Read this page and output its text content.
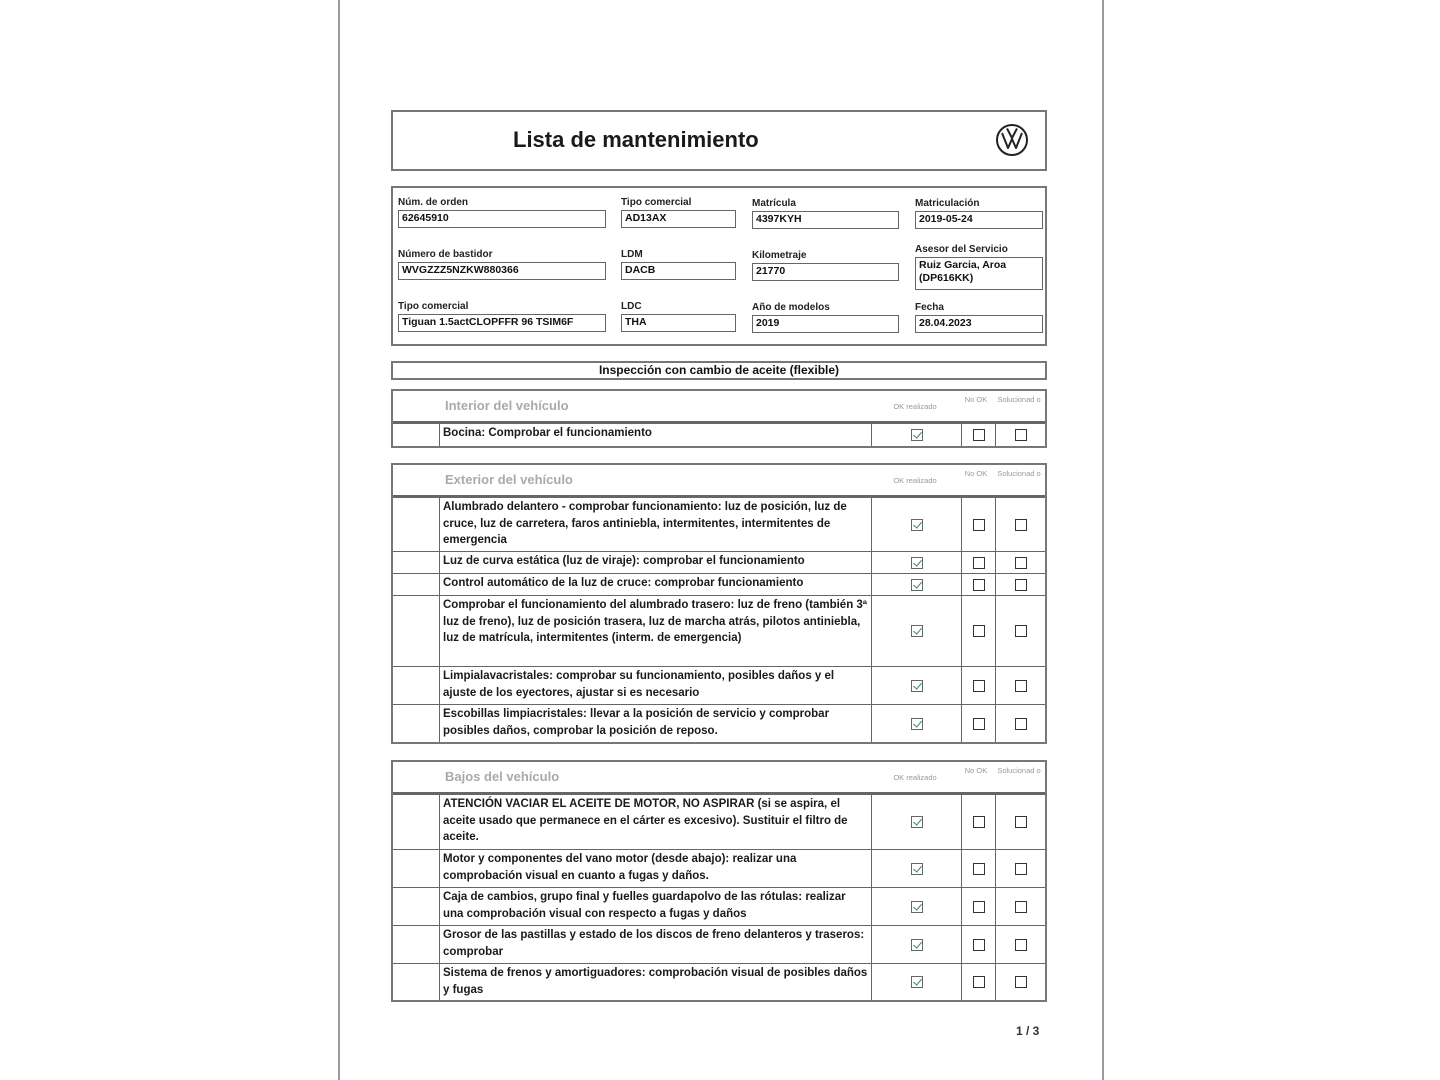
Lista de mantenimiento
Núm. de orden
62645910
Tipo comercial
AD13AX
Matrícula
4397KYH
Matriculación
2019-05-24
Número de bastidor
WVGZZZ5NZKW880366
LDM
DACB
Kilometraje
21770
Asesor del Servicio
Ruiz Garcia, Aroa (DP616KK)
Tipo comercial
Tiguan 1.5actCLOPFFR 96 TSIM6F
LDC
THA
Año de modelos
2019
Fecha
28.04.2023
Inspección con cambio de aceite (flexible)
Interior del vehículo	OK realizado
No OK	Solucionad o
Bocina: Comprobar el funcionamiento
Exterior del vehículo	OK realizado
No OK	Solucionad o
Alumbrado delantero - comprobar funcionamiento: luz de posición, luz de cruce, luz de carretera, faros antiniebla, intermitentes, intermitentes de emergencia
Luz de curva estática (luz de viraje): comprobar el funcionamiento
Control automático de la luz de cruce: comprobar funcionamiento
Comprobar el funcionamiento del alumbrado trasero: luz de freno (también 3ª luz de freno), luz de posición trasera, luz de marcha atrás, pilotos antiniebla, luz de matrícula, intermitentes (interm. de emergencia)
Limpialavacristales: comprobar su funcionamiento, posibles daños y el ajuste de los eyectores, ajustar si es necesario
Escobillas limpiacristales: llevar a la posición de servicio y comprobar posibles daños, comprobar la posición de reposo.
Bajos del vehículo	OK realizado
No OK	Solucionad o
ATENCIÓN VACIAR EL ACEITE DE MOTOR, NO ASPIRAR (si se aspira, el aceite usado que permanece en el cárter es excesivo). Sustituir el filtro de aceite.
Motor y componentes del vano motor (desde abajo): realizar una comprobación visual en cuanto a fugas y daños.
Caja de cambios, grupo final y fuelles guardapolvo de las rótulas: realizar una comprobación visual con respecto a fugas y daños
Grosor de las pastillas y estado de los discos de freno delanteros y traseros: comprobar
Sistema de frenos y amortiguadores: comprobación visual de posibles daños y fugas
1 / 3
